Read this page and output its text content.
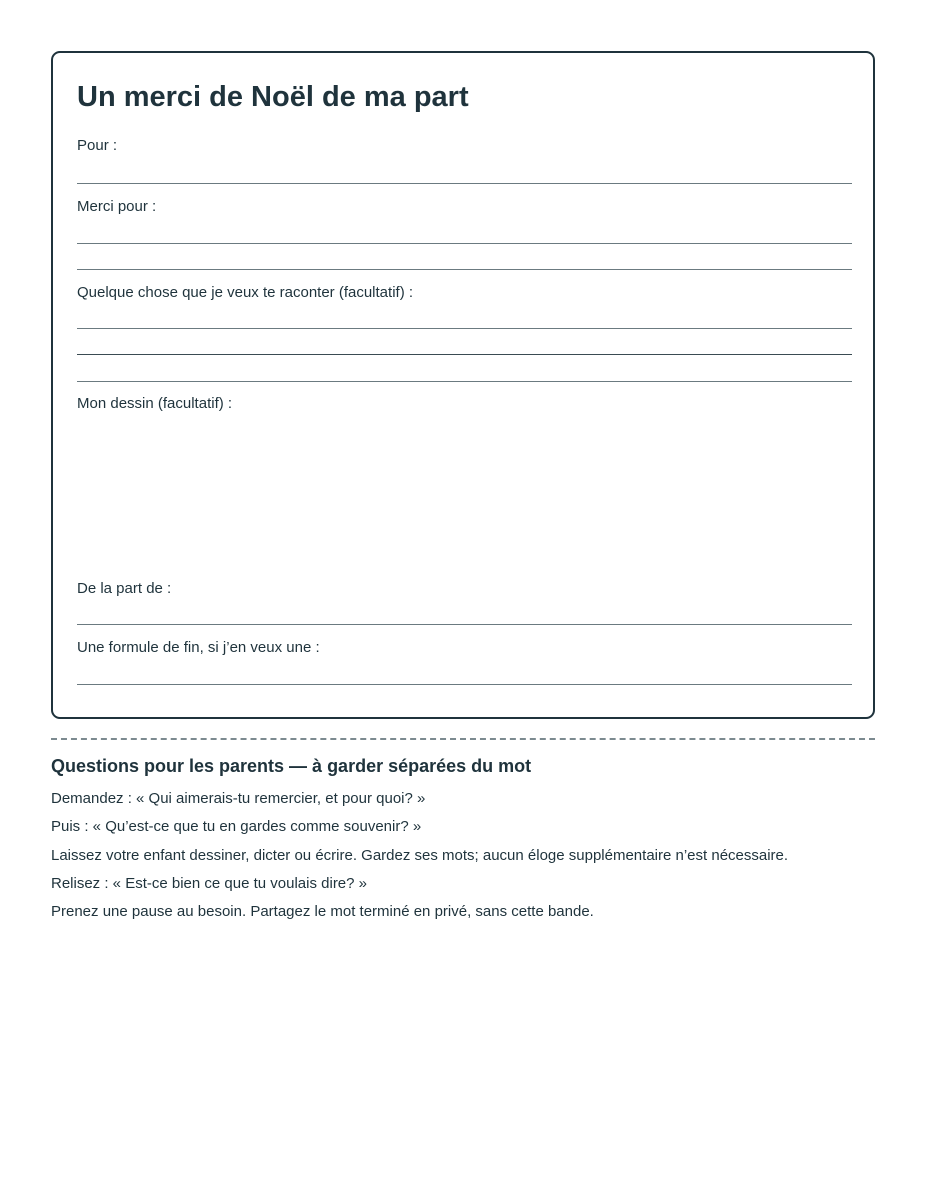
Un merci de Noël de ma part
Pour :
Merci pour :
Quelque chose que je veux te raconter (facultatif) :
Mon dessin (facultatif) :
De la part de :
Une formule de fin, si j’en veux une :
Questions pour les parents — à garder séparées du mot
Demandez : « Qui aimerais-tu remercier, et pour quoi? »
Puis : « Qu’est-ce que tu en gardes comme souvenir? »
Laissez votre enfant dessiner, dicter ou écrire. Gardez ses mots; aucun éloge supplémentaire n’est nécessaire.
Relisez : « Est-ce bien ce que tu voulais dire? »
Prenez une pause au besoin. Partagez le mot terminé en privé, sans cette bande.
